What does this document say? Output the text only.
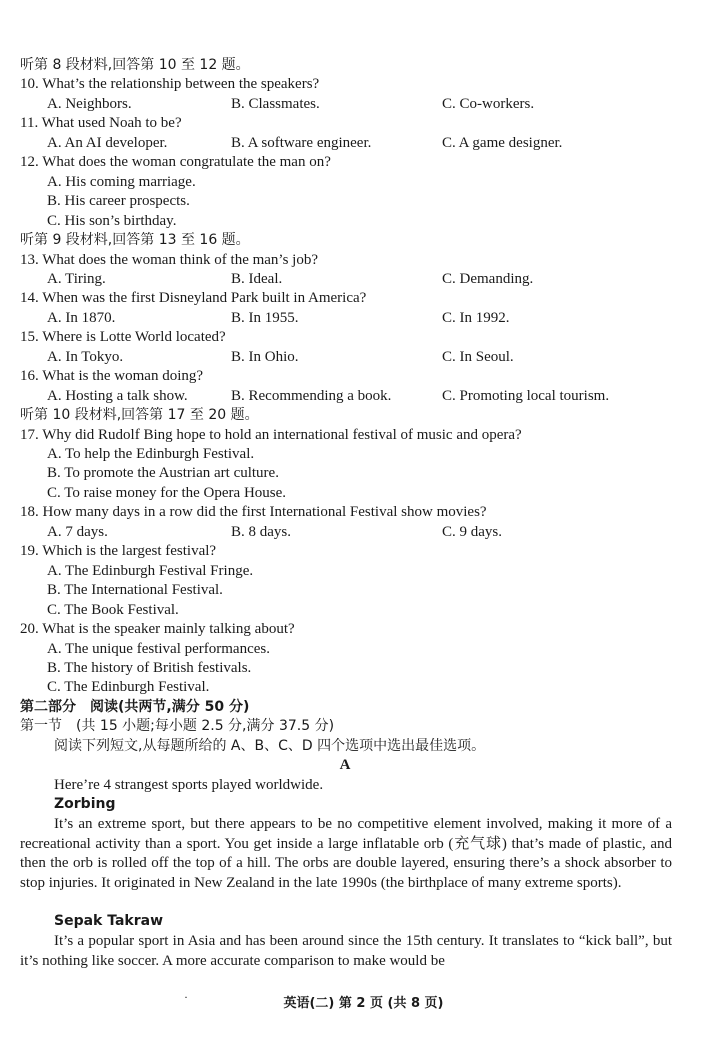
听第 8 段材料,回答第 10 至 12 题。
10. What’s the relationship between the speakers?
A. Neighbors.	B. Classmates.	C. Co-workers.
11. What used Noah to be?
A. An AI developer.	B. A software engineer.	C. A game designer.
12. What does the woman congratulate the man on?
A. His coming marriage.
B. His career prospects.
C. His son’s birthday.
听第 9 段材料,回答第 13 至 16 题。
13. What does the woman think of the man’s job?
A. Tiring.	B. Ideal.	C. Demanding.
14. When was the first Disneyland Park built in America?
A. In 1870.	B. In 1955.	C. In 1992.
15. Where is Lotte World located?
A. In Tokyo.	B. In Ohio.	C. In Seoul.
16. What is the woman doing?
A. Hosting a talk show.	B. Recommending a book.	C. Promoting local tourism.
听第 10 段材料,回答第 17 至 20 题。
17. Why did Rudolf Bing hope to hold an international festival of music and opera?
A. To help the Edinburgh Festival.
B. To promote the Austrian art culture.
C. To raise money for the Opera House.
18. How many days in a row did the first International Festival show movies?
A. 7 days.	B. 8 days.	C. 9 days.
19. Which is the largest festival?
A. The Edinburgh Festival Fringe.
B. The International Festival.
C. The Book Festival.
20. What is the speaker mainly talking about?
A. The unique festival performances.
B. The history of British festivals.
C. The Edinburgh Festival.
第二部分　阅读(共两节,满分 50 分)
第一节　(共 15 小题;每小题 2.5 分,满分 37.5 分)
阅读下列短文,从每题所给的 A、B、C、D 四个选项中选出最佳选项。
A
Here’re 4 strangest sports played worldwide.
Zorbing
It’s an extreme sport, but there appears to be no competitive element involved, making it more of a recreational activity than a sport. You get inside a large inflatable orb (充气球) that’s made of plastic, and then the orb is rolled off the top of a hill. The orbs are double layered, ensuring there’s a shock absorber to stop injuries. It originated in New Zealand in the late 1990s (the birthplace of many extreme sports).
Sepak Takraw
It’s a popular sport in Asia and has been around since the 15th century. It translates to “kick ball”, but it’s nothing like soccer. A more accurate comparison to make would be
·	英语(二) 第 2 页 (共 8 页)
